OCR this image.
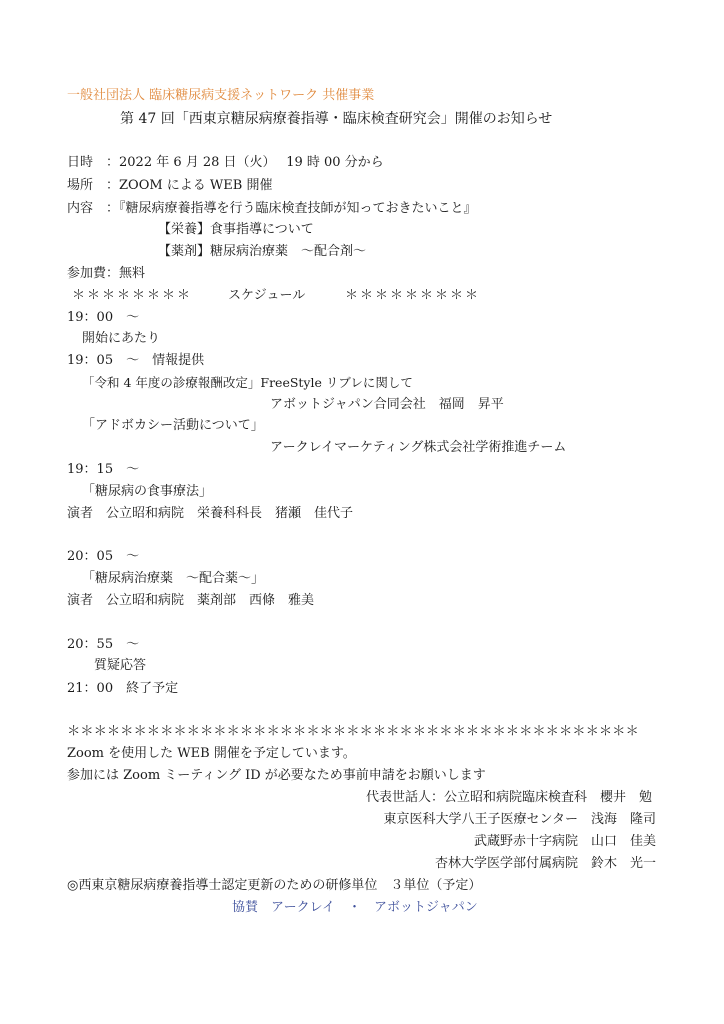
一般社団法人 臨床糖尿病支援ネットワーク 共催事業
第 47 回「西東京糖尿病療養指導・臨床検査研究会」開催のお知らせ
日時　：2022 年 6 月 28 日（火）　 19 時 00 分から
場所　：ZOOM による WEB 開催
内容　：『糖尿病療養指導を行う臨床検査技師が知っておきたいこと』
【栄養】食事指導について
【薬剤】糖尿病治療薬　～配合剤～
参加費：無料
＊＊＊＊＊＊＊＊	スケジュール	＊＊＊＊＊＊＊＊＊
19：00　～
開始にあたり
19：05　～　情報提供
「令和 4 年度の診療報酬改定」FreeStyle リブレに関して
アボットジャパン合同会社　福岡　昇平
「アドボカシー活動について」
アークレイマーケティング株式会社学術推進チーム
19：15　～
「糖尿病の食事療法」
演者　公立昭和病院　栄養科科長　猪瀬　佳代子
20：05　～
「糖尿病治療薬　～配合薬～」
演者　公立昭和病院　薬剤部　西條　雅美
20：55　～
質疑応答
21：00　終了予定
＊＊＊＊＊＊＊＊＊＊＊＊＊＊＊＊＊＊＊＊＊＊＊＊＊＊＊＊＊＊＊＊＊＊＊＊＊＊＊＊＊＊＊
Zoom を使用した WEB 開催を予定しています。
参加には Zoom ミーティング ID が必要なため事前申請をお願いします
代表世話人：公立昭和病院臨床検査科　櫻井　勉
東京医科大学八王子医療センター　浅海　隆司
武蔵野赤十字病院　山口　佳美
杏林大学医学部付属病院　鈴木　光一
◎西東京糖尿病療養指導士認定更新のための研修単位　３単位（予定）
協賛　アークレイ　・　アボットジャパン
